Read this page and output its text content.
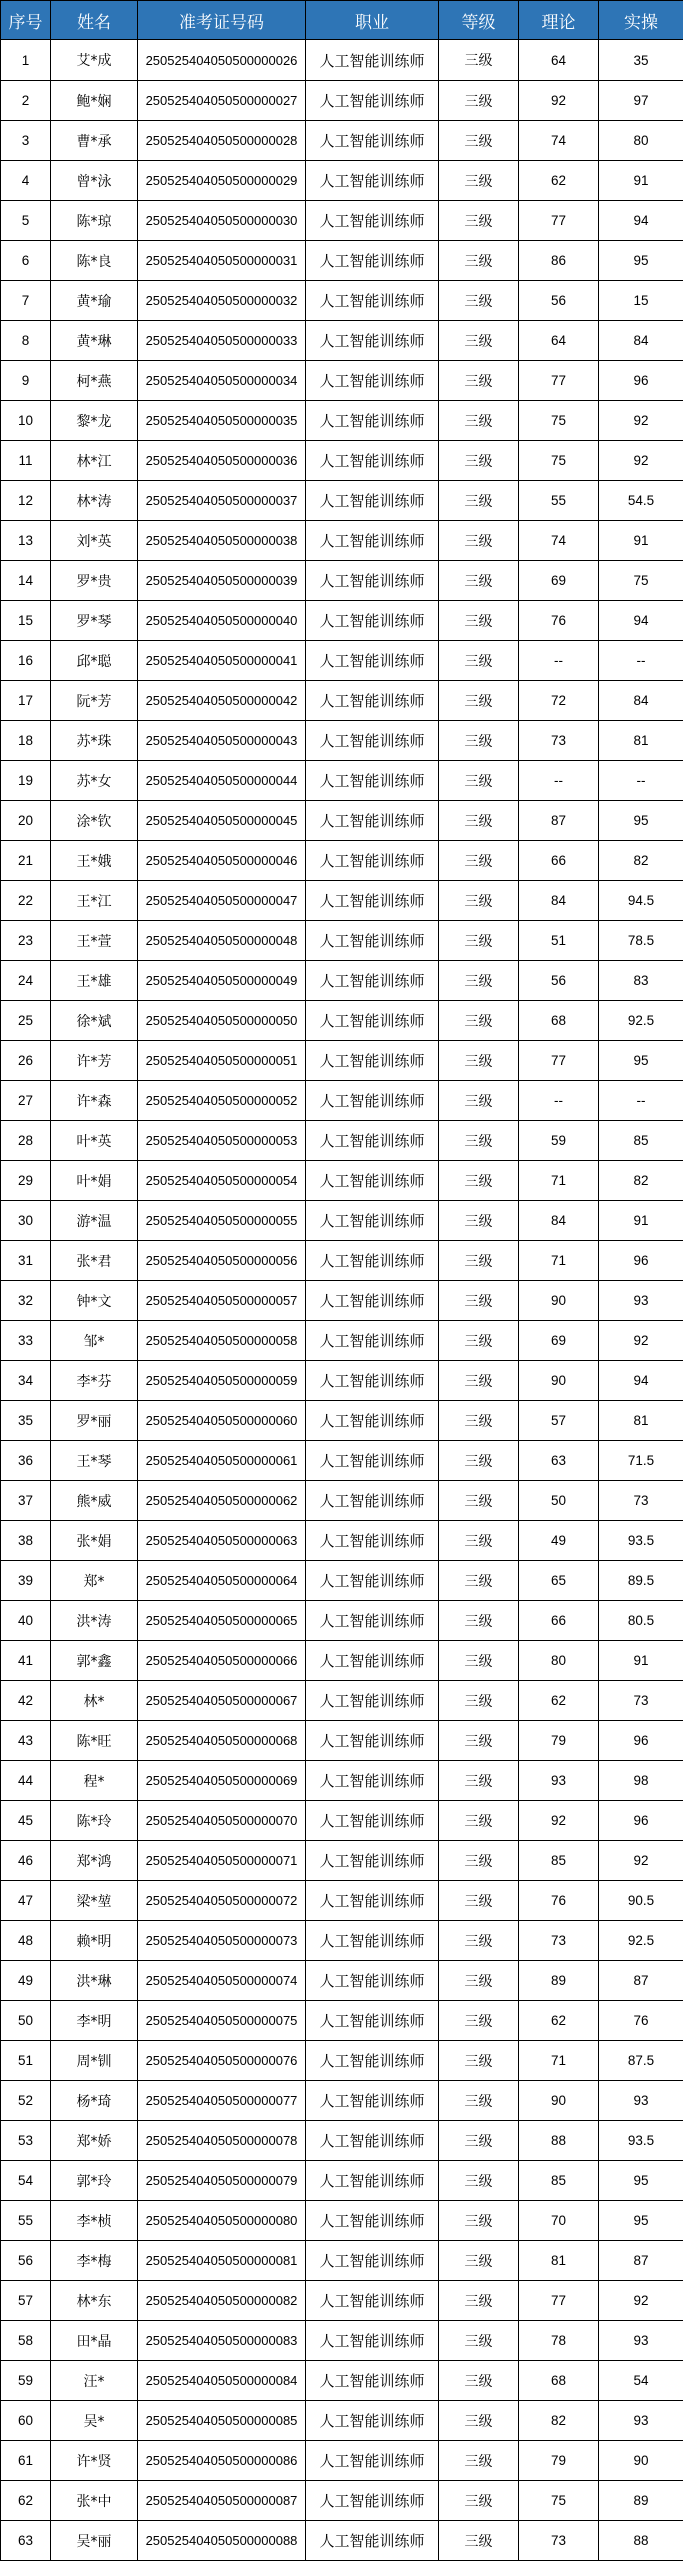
序号	姓名	准考证号码	职业	等级	理论	实操
1	艾*成	250525404050500000026	人工智能训练师	三级	64	35
2	鲍*娴	250525404050500000027	人工智能训练师	三级	92	97
3	曹*承	250525404050500000028	人工智能训练师	三级	74	80
4	曾*泳	250525404050500000029	人工智能训练师	三级	62	91
5	陈*琼	250525404050500000030	人工智能训练师	三级	77	94
6	陈*良	250525404050500000031	人工智能训练师	三级	86	95
7	黄*瑜	250525404050500000032	人工智能训练师	三级	56	15
8	黄*琳	250525404050500000033	人工智能训练师	三级	64	84
9	柯*燕	250525404050500000034	人工智能训练师	三级	77	96
10	黎*龙	250525404050500000035	人工智能训练师	三级	75	92
11	林*江	250525404050500000036	人工智能训练师	三级	75	92
12	林*涛	250525404050500000037	人工智能训练师	三级	55	54.5
13	刘*英	250525404050500000038	人工智能训练师	三级	74	91
14	罗*贵	250525404050500000039	人工智能训练师	三级	69	75
15	罗*琴	250525404050500000040	人工智能训练师	三级	76	94
16	邱*聪	250525404050500000041	人工智能训练师	三级	--	--
17	阮*芳	250525404050500000042	人工智能训练师	三级	72	84
18	苏*珠	250525404050500000043	人工智能训练师	三级	73	81
19	苏*女	250525404050500000044	人工智能训练师	三级	--	--
20	涂*钦	250525404050500000045	人工智能训练师	三级	87	95
21	王*娥	250525404050500000046	人工智能训练师	三级	66	82
22	王*江	250525404050500000047	人工智能训练师	三级	84	94.5
23	王*萱	250525404050500000048	人工智能训练师	三级	51	78.5
24	王*雄	250525404050500000049	人工智能训练师	三级	56	83
25	徐*斌	250525404050500000050	人工智能训练师	三级	68	92.5
26	许*芳	250525404050500000051	人工智能训练师	三级	77	95
27	许*森	250525404050500000052	人工智能训练师	三级	--	--
28	叶*英	250525404050500000053	人工智能训练师	三级	59	85
29	叶*娟	250525404050500000054	人工智能训练师	三级	71	82
30	游*温	250525404050500000055	人工智能训练师	三级	84	91
31	张*君	250525404050500000056	人工智能训练师	三级	71	96
32	钟*文	250525404050500000057	人工智能训练师	三级	90	93
33	邹*	250525404050500000058	人工智能训练师	三级	69	92
34	李*芬	250525404050500000059	人工智能训练师	三级	90	94
35	罗*丽	250525404050500000060	人工智能训练师	三级	57	81
36	王*琴	250525404050500000061	人工智能训练师	三级	63	71.5
37	熊*威	250525404050500000062	人工智能训练师	三级	50	73
38	张*娟	250525404050500000063	人工智能训练师	三级	49	93.5
39	郑*	250525404050500000064	人工智能训练师	三级	65	89.5
40	洪*涛	250525404050500000065	人工智能训练师	三级	66	80.5
41	郭*鑫	250525404050500000066	人工智能训练师	三级	80	91
42	林*	250525404050500000067	人工智能训练师	三级	62	73
43	陈*旺	250525404050500000068	人工智能训练师	三级	79	96
44	程*	250525404050500000069	人工智能训练师	三级	93	98
45	陈*玲	250525404050500000070	人工智能训练师	三级	92	96
46	郑*鸿	250525404050500000071	人工智能训练师	三级	85	92
47	梁*堃	250525404050500000072	人工智能训练师	三级	76	90.5
48	赖*明	250525404050500000073	人工智能训练师	三级	73	92.5
49	洪*琳	250525404050500000074	人工智能训练师	三级	89	87
50	李*明	250525404050500000075	人工智能训练师	三级	62	76
51	周*钏	250525404050500000076	人工智能训练师	三级	71	87.5
52	杨*琦	250525404050500000077	人工智能训练师	三级	90	93
53	郑*娇	250525404050500000078	人工智能训练师	三级	88	93.5
54	郭*玲	250525404050500000079	人工智能训练师	三级	85	95
55	李*桢	250525404050500000080	人工智能训练师	三级	70	95
56	李*梅	250525404050500000081	人工智能训练师	三级	81	87
57	林*东	250525404050500000082	人工智能训练师	三级	77	92
58	田*晶	250525404050500000083	人工智能训练师	三级	78	93
59	汪*	250525404050500000084	人工智能训练师	三级	68	54
60	吴*	250525404050500000085	人工智能训练师	三级	82	93
61	许*贤	250525404050500000086	人工智能训练师	三级	79	90
62	张*中	250525404050500000087	人工智能训练师	三级	75	89
63	吴*丽	250525404050500000088	人工智能训练师	三级	73	88
